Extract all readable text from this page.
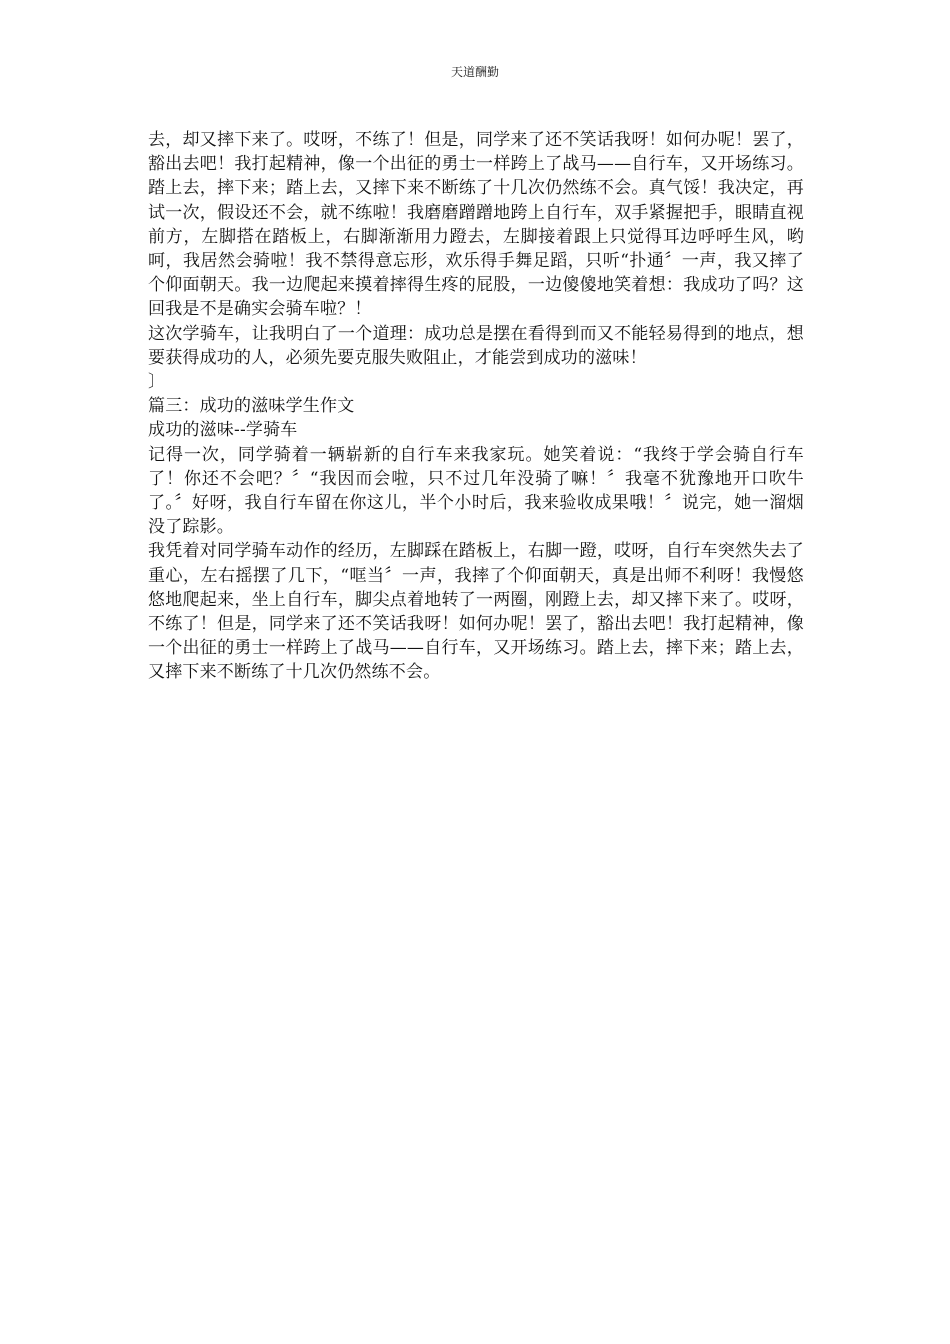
天道酬勤

去，却又摔下来了。哎呀，不练了！但是，同学来了还不笑话我呀！如何办呢！罢了，豁出去吧！我打起精神，像一个出征的勇士一样跨上了战马——自行车，又开场练习。踏上去，摔下来；踏上去，又摔下来不断练了十几次仍然练不会。真气馁！我决定，再试一次，假设还不会，就不练啦！我磨磨蹭蹭地跨上自行车，双手紧握把手，眼睛直视前方，左脚搭在踏板上，右脚渐渐用力蹬去，左脚接着跟上只觉得耳边呼呼生风，哟呵，我居然会骑啦！我不禁得意忘形，欢乐得手舞足蹈，只听“扑通〞一声，我又摔了个仰面朝天。我一边爬起来摸着摔得生疼的屁股，一边傻傻地笑着想：我成功了吗？这回我是不是确实会骑车啦？！

这次学骑车，让我明白了一个道理：成功总是摆在看得到而又不能轻易得到的地点，想要获得成功的人，必须先要克服失败阻止，才能尝到成功的滋味！

〕

篇三：成功的滋味学生作文

成功的滋味--学骑车

记得一次，同学骑着一辆崭新的自行车来我家玩。她笑着说：“我终于学会骑自行车了！你还不会吧？〞“我因而会啦，只不过几年没骑了嘛！〞我毫不犹豫地开口吹牛了。〞好呀，我自行车留在你这儿，半个小时后，我来验收成果哦！〞说完，她一溜烟没了踪影。

我凭着对同学骑车动作的经历，左脚踩在踏板上，右脚一蹬，哎呀，自行车突然失去了重心，左右摇摆了几下，“哐当〞一声，我摔了个仰面朝天，真是出师不利呀！我慢悠悠地爬起来，坐上自行车，脚尖点着地转了一两圈，刚蹬上去，却又摔下来了。哎呀，不练了！但是，同学来了还不笑话我呀！如何办呢！罢了，豁出去吧！我打起精神，像一个出征的勇士一样跨上了战马——自行车，又开场练习。踏上去，摔下来；踏上去，又摔下来不断练了十几次仍然练不会。
